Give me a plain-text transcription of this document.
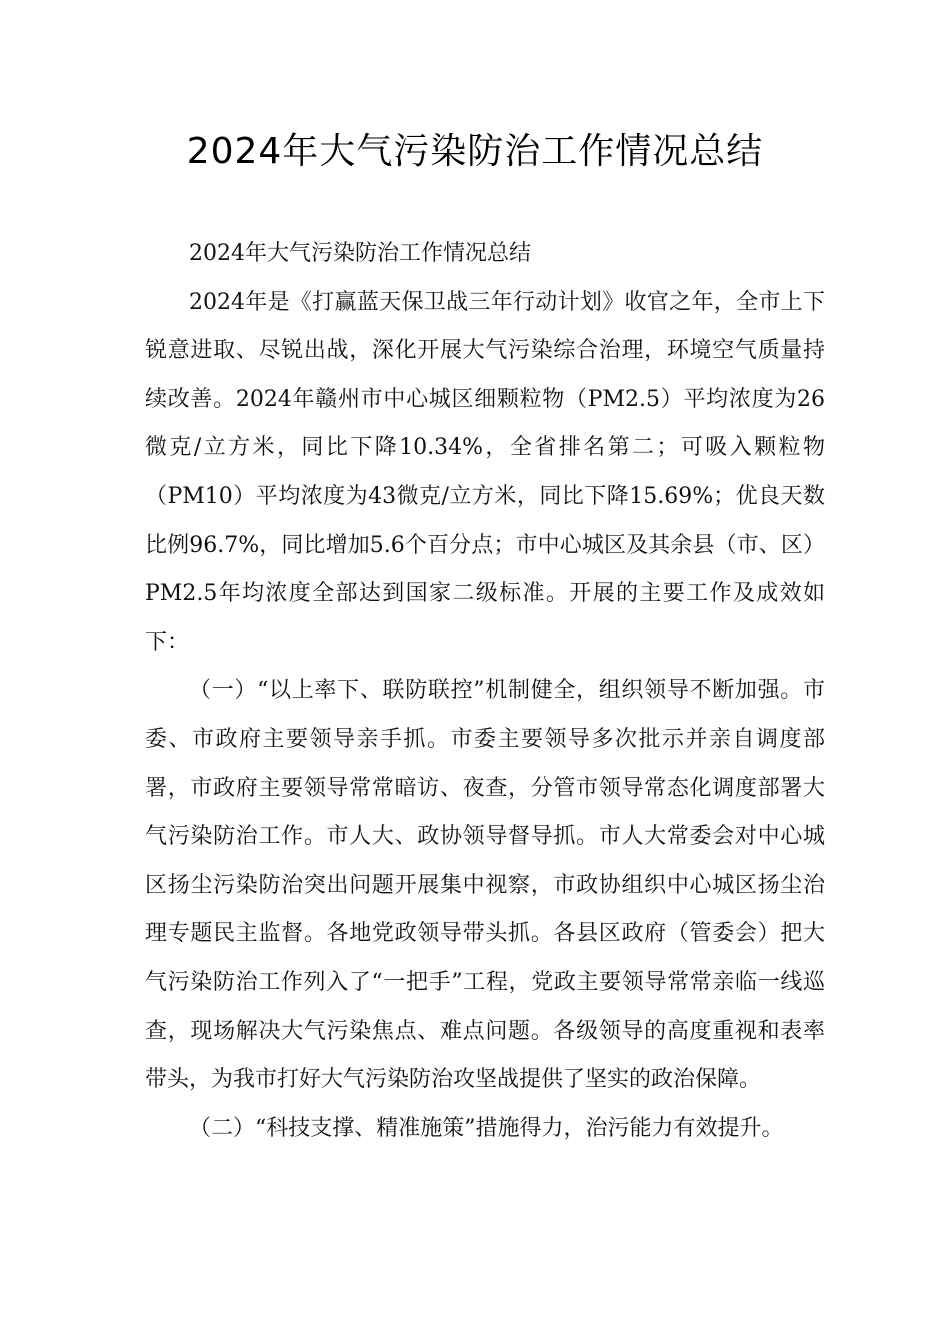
2024年大气污染防治工作情况总结

2024年大气污染防治工作情况总结

2024年是《打赢蓝天保卫战三年行动计划》收官之年，全市上下锐意进取、尽锐出战，深化开展大气污染综合治理，环境空气质量持续改善。2024年赣州市中心城区细颗粒物（PM2.5）平均浓度为26微克/立方米，同比下降10.34%，全省排名第二；可吸入颗粒物（PM10）平均浓度为43微克/立方米，同比下降15.69%；优良天数比例96.7%，同比增加5.6个百分点；市中心城区及其余县（市、区）PM2.5年均浓度全部达到国家二级标准。开展的主要工作及成效如下：

（一）“以上率下、联防联控”机制健全，组织领导不断加强。市委、市政府主要领导亲手抓。市委主要领导多次批示并亲自调度部署，市政府主要领导常常暗访、夜查，分管市领导常态化调度部署大气污染防治工作。市人大、政协领导督导抓。市人大常委会对中心城区扬尘污染防治突出问题开展集中视察，市政协组织中心城区扬尘治理专题民主监督。各地党政领导带头抓。各县区政府（管委会）把大气污染防治工作列入了“一把手”工程，党政主要领导常常亲临一线巡查，现场解决大气污染焦点、难点问题。各级领导的高度重视和表率带头，为我市打好大气污染防治攻坚战提供了坚实的政治保障。

（二）“科技支撑、精准施策”措施得力，治污能力有效提升。
